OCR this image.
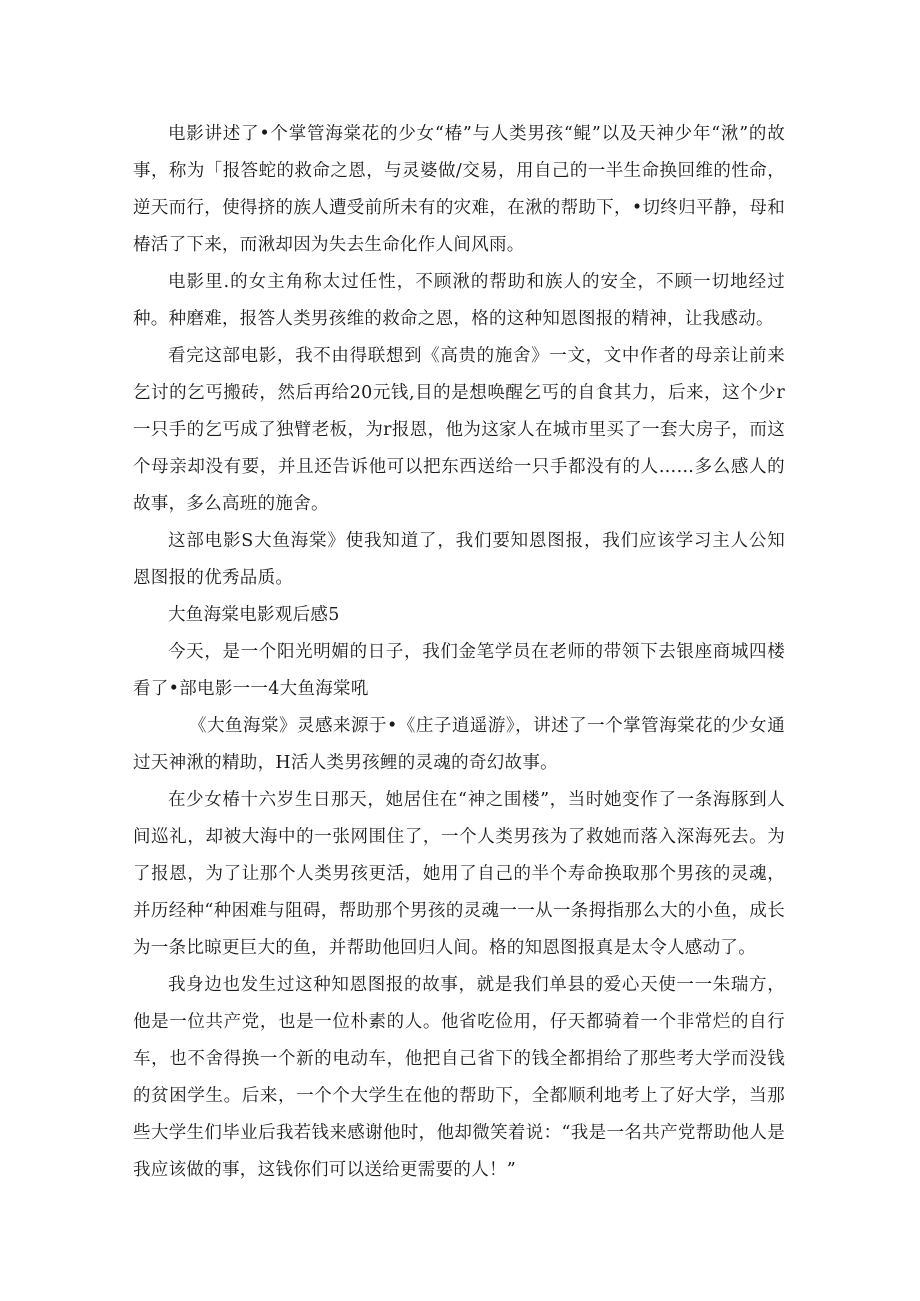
电影讲述了•个掌管海棠花的少女“椿”与人类男孩“鲲”以及天神少年“湫”的故事，称为「报答蛇的救命之恩，与灵婆做/交易，用自己的一半生命换回维的性命，逆天而行，使得挤的族人遭受前所未有的灾难，在湫的帮助下，•切终归平静，母和椿活了下来，而湫却因为失去生命化作人间风雨。

电影里.的女主角称太过任性，不顾湫的帮助和族人的安全，不顾一切地经过种。种磨难，报答人类男孩维的救命之恩，格的这种知恩图报的精神，让我感动。

看完这部电影，我不由得联想到《高贵的施舍》一文，文中作者的母亲让前来乞讨的乞丐搬砖，然后再给20元钱,目的是想唤醒乞丐的自食其力，后来，这个少r一只手的乞丐成了独臂老板，为r报恩，他为这家人在城市里买了一套大房子，而这个母亲却没有要，并且还告诉他可以把东西送给一只手都没有的人……多么感人的故事，多么高班的施舍。

这部电影S大鱼海棠》使我知道了，我们要知恩图报，我们应该学习主人公知恩图报的优秀品质。

大鱼海棠电影观后感5

今天，是一个阳光明媚的日子，我们金笔学员在老师的带领下去银座商城四楼看了•部电影一一4大鱼海棠吼

《大鱼海棠》灵感来源于•《庄子逍遥游》，讲述了一个掌管海棠花的少女通过天神湫的精助，H活人类男孩鲤的灵魂的奇幻故事。

在少女椿十六岁生日那天，她居住在“神之围楼”，当时她变作了一条海豚到人间巡礼，却被大海中的一张网围住了，一个人类男孩为了救她而落入深海死去。为了报恩，为了让那个人类男孩更活，她用了自己的半个寿命换取那个男孩的灵魂，并历经种“种困难与阻碍，帮助那个男孩的灵魂一一从一条拇指那么大的小鱼，成长为一条比晾更巨大的鱼，并帮助他回归人间。格的知恩图报真是太令人感动了。

我身边也发生过这种知恩图报的故事，就是我们单县的爱心天使一一朱瑞方，他是一位共产党，也是一位朴素的人。他省吃俭用，仔天都骑着一个非常烂的自行车，也不舍得换一个新的电动车，他把自己省下的钱全都捐给了那些考大学而没钱的贫困学生。后来，一个个大学生在他的帮助下，全都顺利地考上了好大学，当那些大学生们毕业后我若钱来感谢他时，他却微笑着说：“我是一名共产党帮助他人是我应该做的事，这钱你们可以送给更需要的人！”
